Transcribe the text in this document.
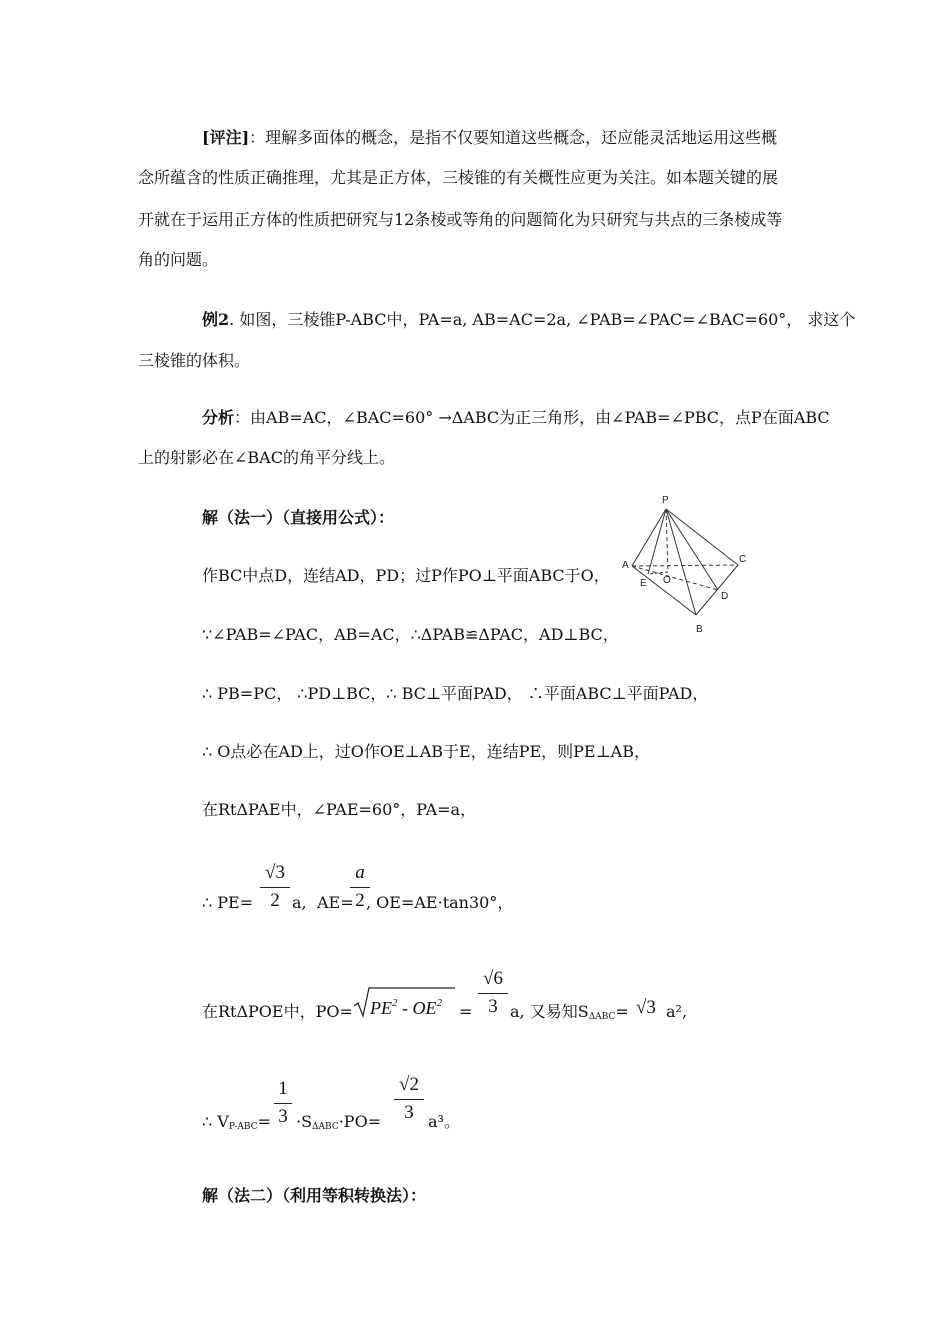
[评注]：理解多面体的概念，是指不仅要知道这些概念，还应能灵活地运用这些概
念所蕴含的性质正确推理，尤其是正方体，三棱锥的有关概性应更为关注。如本题关键的展
开就在于运用正方体的性质把研究与12条棱或等角的问题简化为只研究与共点的三条棱成等
角的问题。
例2. 如图，三棱锥P-ABC中，PA=a, AB=AC=2a, ∠PAB=∠PAC=∠BAC=60°， 求这个
三棱锥的体积。
分析：由AB=AC，∠BAC=60° →ΔABC为正三角形，由∠PAB=∠PBC，点P在面ABC
上的射影必在∠BAC的角平分线上。
解（法一）（直接用公式）：
作BC中点D，连结AD，PD；过P作PO⊥平面ABC于O，
∵∠PAB=∠PAC，AB=AC，∴ΔPAB≌ΔPAC，AD⊥BC，
∴ PB=PC， ∴PD⊥BC，∴ BC⊥平面PAD， ∴平面ABC⊥平面PAD，
∴ O点必在AD上，过O作OE⊥AB于E，连结PE，则PE⊥AB，
在RtΔPAE中，∠PAE=60°，PA=a，
∴ PE=
√3
2 a, AE=
a
2 , OE=AE·tan30°，
在RtΔPOE中，$PO= PE^2 - OE^2$ =
√6
3 a, 又易知$S_{\Delta ABC}= √3$ a²,
∴ $V_{P-ABC}=$
1
$3 \cdot S_{\Delta ABC}\cdot PO=$
√2
3 a³。
解（法二）（利用等积转换法）：
P
A
C
O
E
D
B
